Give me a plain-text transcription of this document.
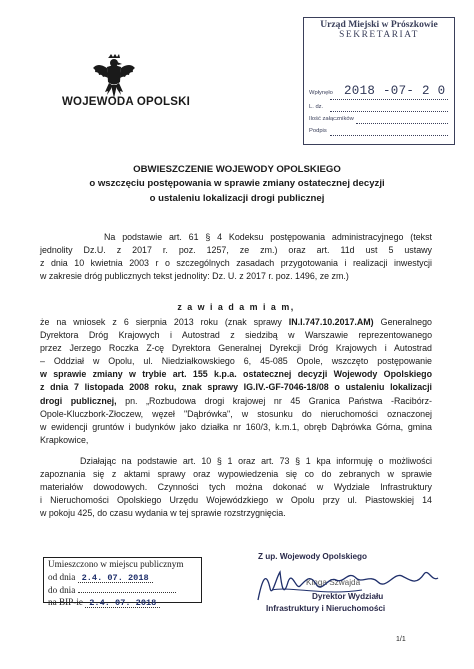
WOJEWODA OPOLSKI
Urząd Miejski w Prószkowie
SEKRETARIAT
Wpłynęło 2018 -07- 2 0
L. dz.
Ilość załączników
Podpis
OBWIESZCZENIE WOJEWODY OPOLSKIEGO
o wszczęciu postępowania w sprawie zmiany ostatecznej decyzji
o ustaleniu lokalizacji drogi publicznej
Na podstawie art. 61 § 4 Kodeksu postępowania administracyjnego (tekst
jednolity Dz.U. z 2017 r. poz. 1257, ze zm.) oraz art. 11d ust 5 ustawy
z dnia 10 kwietnia 2003 r o szczególnych zasadach przygotowania i realizacji inwestycji
w zakresie dróg publicznych tekst jednolity: Dz. U. z 2017 r. poz. 1496, ze zm.)
z a w i a d a m i a m,
że na wniosek z 6 sierpnia 2013 roku (znak sprawy IN.I.747.10.2017.AM) Generalnego
Dyrektora Dróg Krajowych i Autostrad z siedzibą w Warszawie reprezentowanego
przez Jerzego Roczka Z-cę Dyrektora Generalnej Dyrekcji Dróg Krajowych i Autostrad
– Oddział w Opolu, ul. Niedziałkowskiego 6, 45-085 Opole, wszczęto postępowanie
w sprawie zmiany w trybie art. 155 k.p.a. ostatecznej decyzji Wojewody Opolskiego
z dnia 7 listopada 2008 roku, znak sprawy IG.IV.-GF-7046-18/08 o ustaleniu lokalizacji
drogi publicznej, pn. „Rozbudowa drogi krajowej nr 45 Granica Państwa -Racibórz-
Opole-Kluczbork-Złoczew, węzeł "Dąbrówka", w stosunku do nieruchomości oznaczonej
w ewidencji gruntów i budynków jako działka nr 160/3, k.m.1, obręb Dąbrówka Górna, gmina
Krapkowice,
Działając na podstawie art. 10 § 1 oraz art. 73 § 1 kpa informuję o możliwości
zapoznania się z aktami sprawy oraz wypowiedzenia się co do zebranych w sprawie
materiałów dowodowych. Czynności tych można dokonać w Wydziale Infrastruktury
i Nieruchomości Opolskiego Urzędu Wojewódzkiego w Opolu przy ul. Piastowskiej 14
w pokoju 425, do czasu wydania w tej sprawie rozstrzygnięcia.
Umieszczono w miejscu publicznym
od dnia 2.4. 07. 2018
do dnia
na BIP-ie 2.4. 07. 2018
Z up. Wojewody Opolskiego
Kinga Szwajda
Dyrektor Wydziału
Infrastruktury i Nieruchomości
1/1
